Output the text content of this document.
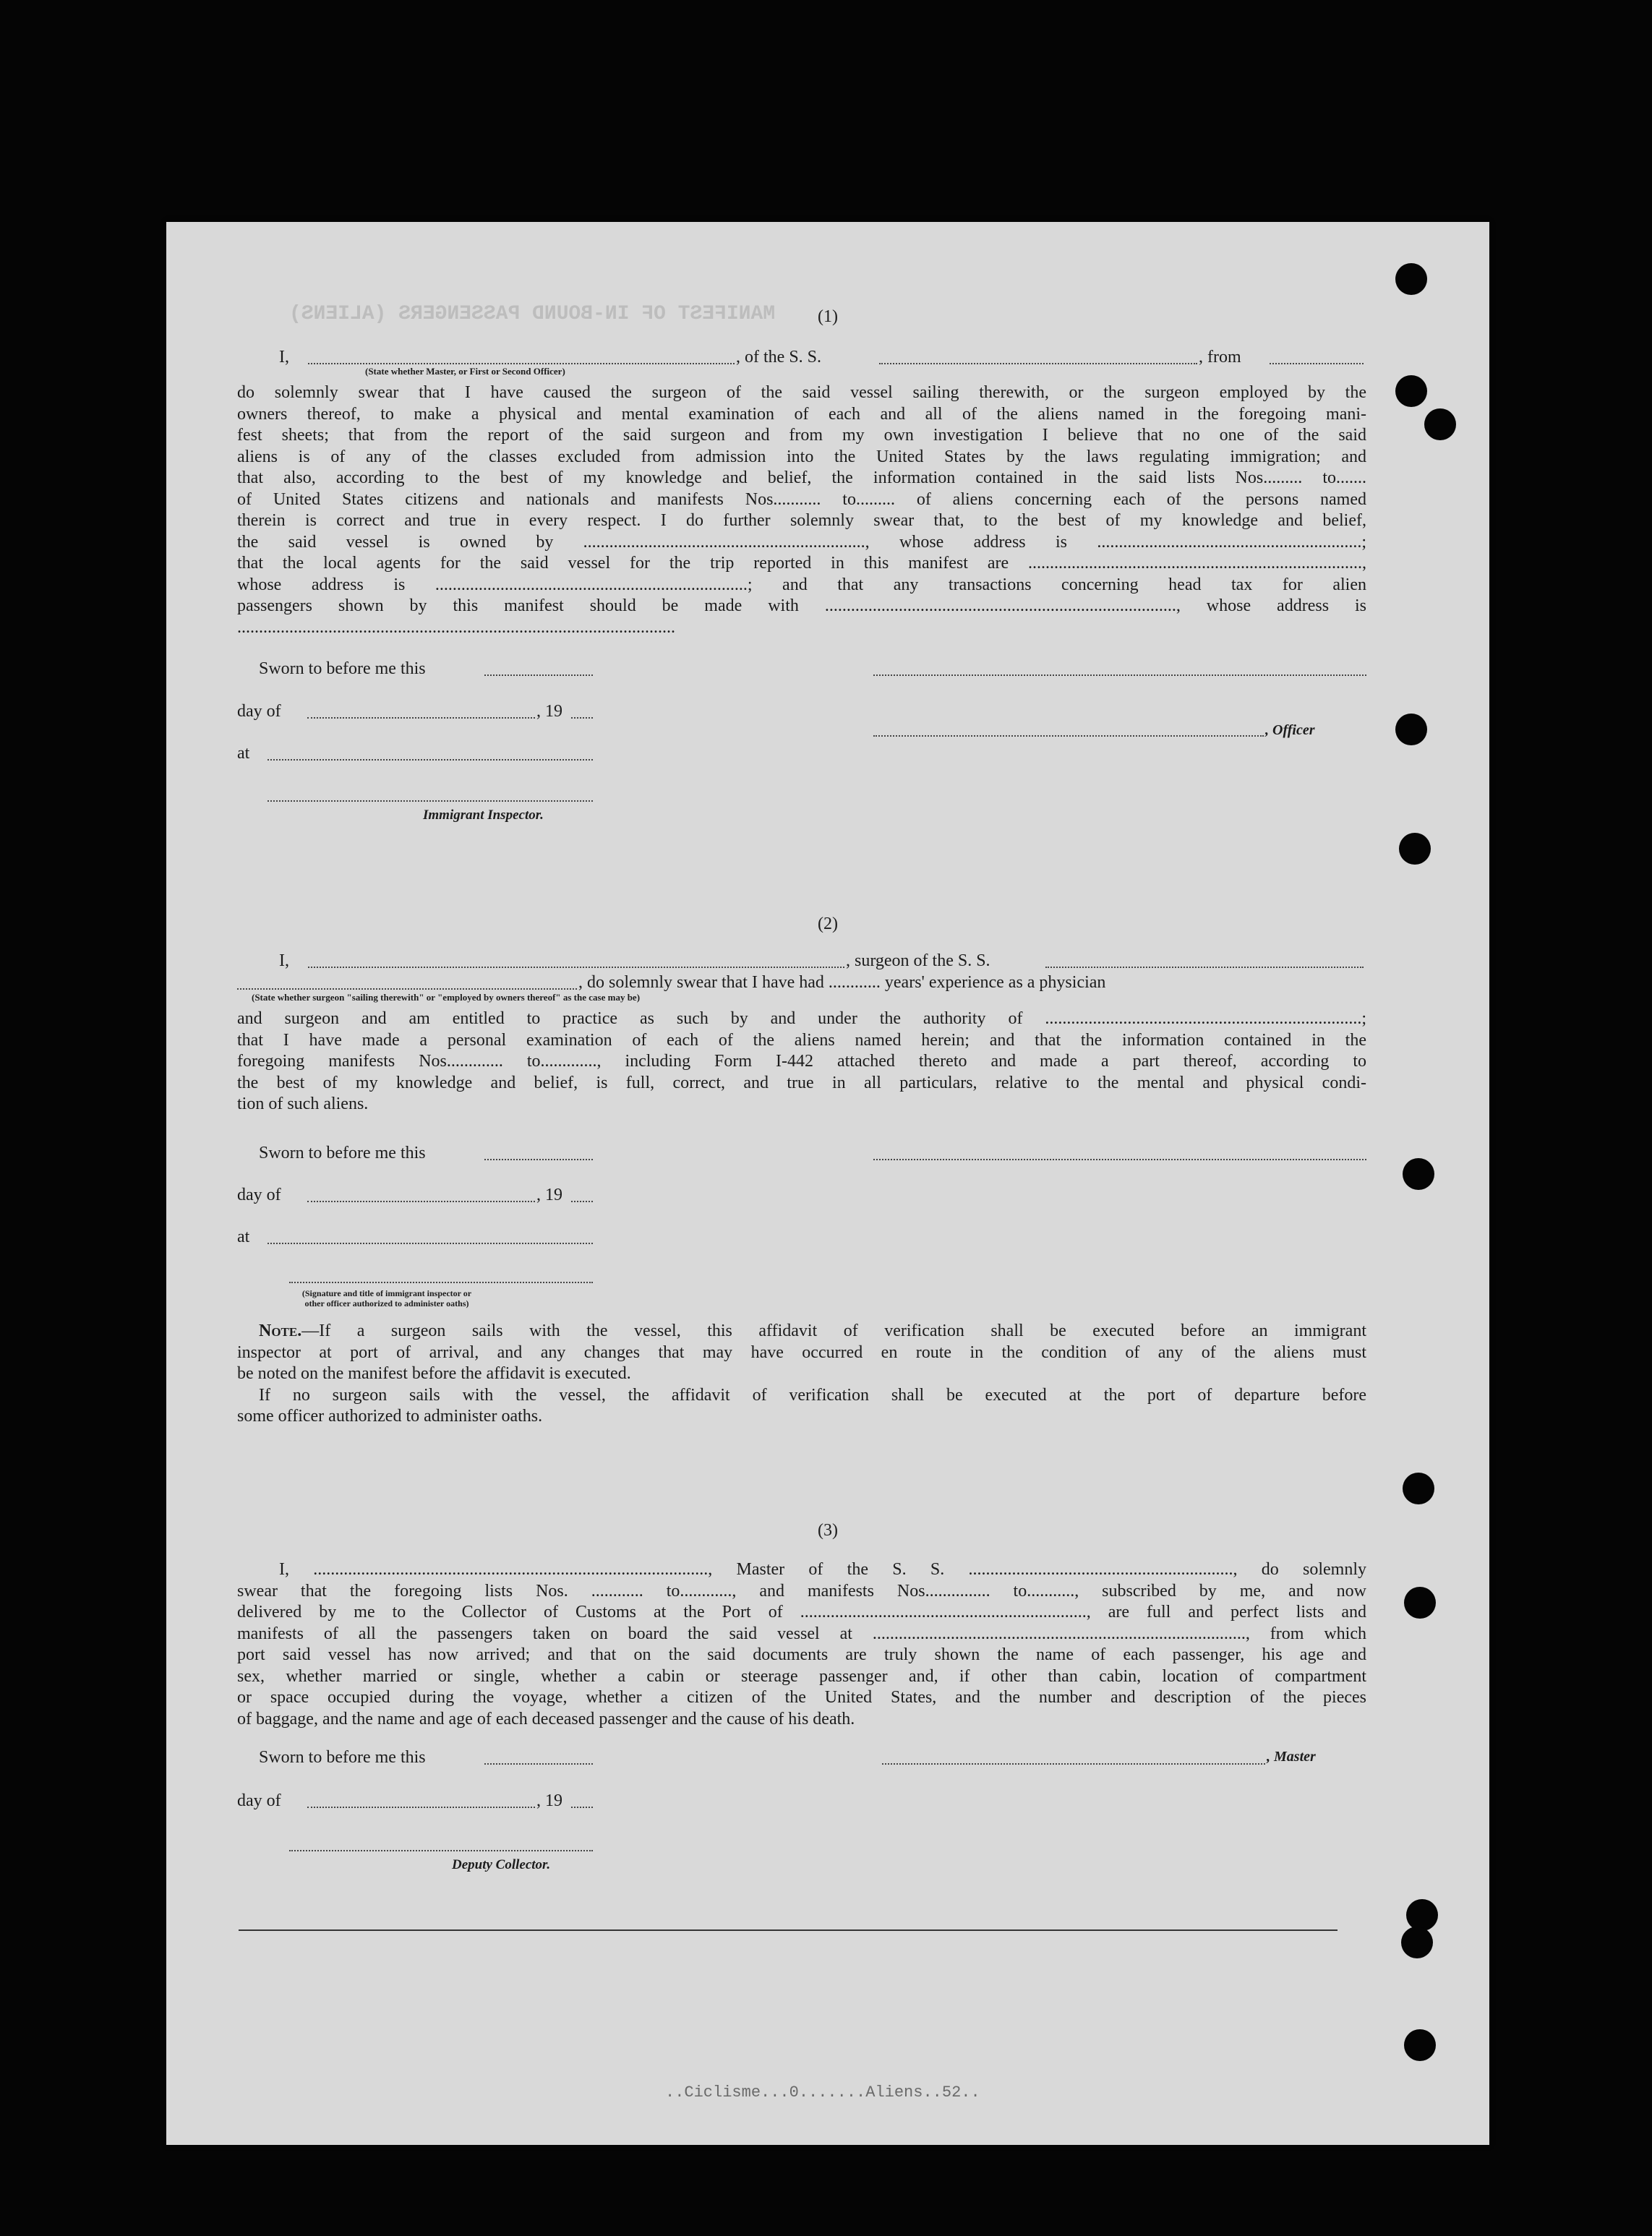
MANIFEST OF IN-BOUND PASSENGERS (ALIENS)	(1)
I,	, of the S. S.	, from
(State whether Master, or First or Second Officer)
do solemnly swear that I have caused the surgeon of the said vessel sailing therewith, or the surgeon employed by the
owners thereof, to make a physical and mental examination of each and all of the aliens named in the foregoing mani-
fest sheets; that from the report of the said surgeon and from my own investigation I believe that no one of the said
aliens is of any of the classes excluded from admission into the United States by the laws regulating immigration; and
that also, according to the best of my knowledge and belief, the information contained in the said lists Nos......... to.......
of United States citizens and nationals and manifests Nos........... to......... of aliens concerning each of the persons named
therein is correct and true in every respect. I do further solemnly swear that, to the best of my knowledge and belief,
the said vessel is owned by ................................................................., whose address is .............................................................;
that the local agents for the said vessel for the trip reported in this manifest are .............................................................................,
whose address is ........................................................................; and that any transactions concerning head tax for alien
passengers shown by this manifest should be made with ................................................................................., whose address is
.....................................................................................................
Sworn to before me this
day of	, 19
, Officer
at
Immigrant Inspector.
(2)
I,	, surgeon of the S. S.
, do solemnly swear that I have had ............ years' experience as a physician
(State whether surgeon "sailing therewith" or "employed by owners thereof" as the case may be)
and surgeon and am entitled to practice as such by and under the authority of .........................................................................;
that I have made a personal examination of each of the aliens named herein; and that the information contained in the
foregoing manifests Nos............. to............., including Form I-442 attached thereto and made a part thereof, according to
the best of my knowledge and belief, is full, correct, and true in all particulars, relative to the mental and physical condi-
tion of such aliens.
Sworn to before me this
day of	, 19
at
(Signature and title of immigrant inspector or other officer authorized to administer oaths)
Note.—If a surgeon sails with the vessel, this affidavit of verification shall be executed before an immigrant
inspector at port of arrival, and any changes that may have occurred en route in the condition of any of the aliens must
be noted on the manifest before the affidavit is executed.
If no surgeon sails with the vessel, the affidavit of verification shall be executed at the port of departure before
some officer authorized to administer oaths.
(3)
I, ..........................................................................................., Master of the S. S. ............................................................., do solemnly
swear that the foregoing lists Nos. ............ to............, and manifests Nos............... to..........., subscribed by me, and now
delivered by me to the Collector of Customs at the Port of .................................................................., are full and perfect lists and
manifests of all the passengers taken on board the said vessel at ......................................................................................, from which
port said vessel has now arrived; and that on the said documents are truly shown the name of each passenger, his age and
sex, whether married or single, whether a cabin or steerage passenger and, if other than cabin, location of compartment
or space occupied during the voyage, whether a citizen of the United States, and the number and description of the pieces
of baggage, and the name and age of each deceased passenger and the cause of his death.
Sworn to before me this	, Master
day of	, 19
Deputy Collector.
..Ciclisme...0.......Aliens..52..
